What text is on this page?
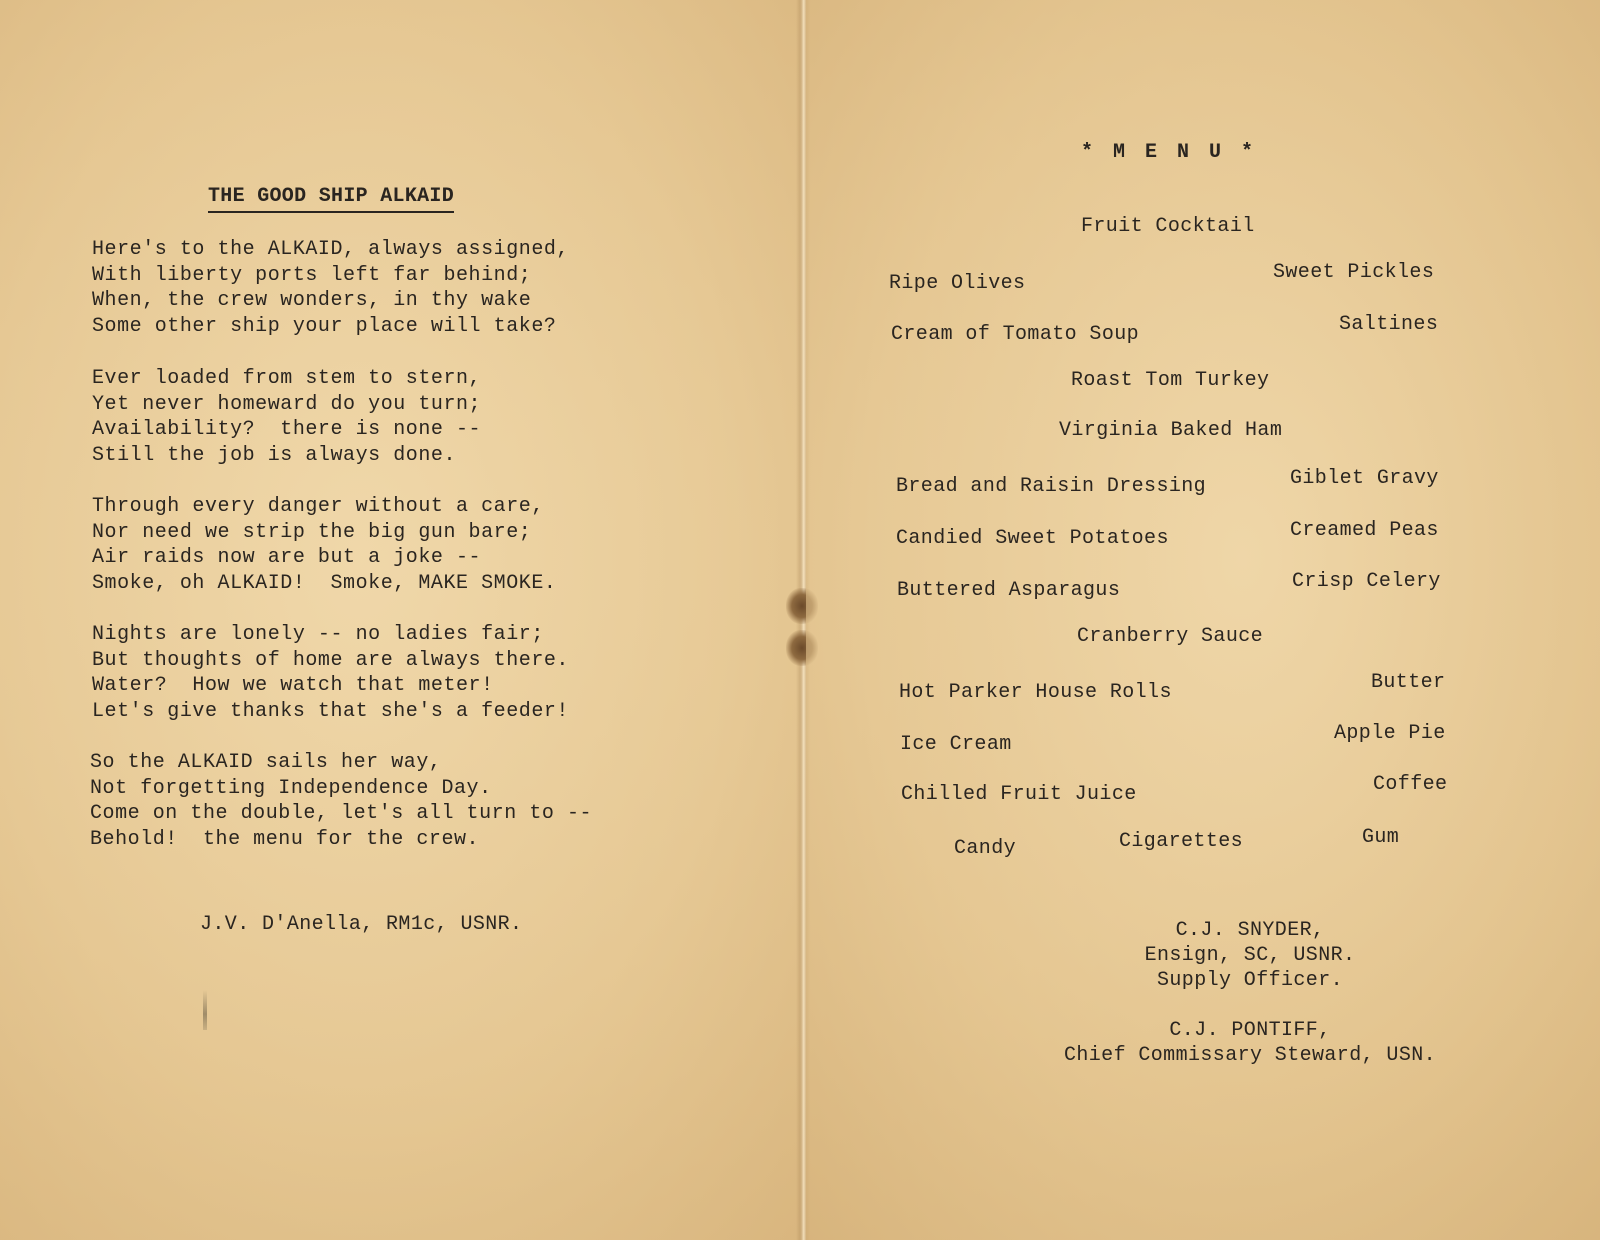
THE GOOD SHIP ALKAID
Here's to the ALKAID, always assigned,
With liberty ports left far behind;
When, the crew wonders, in thy wake
Some other ship your place will take?
Ever loaded from stem to stern,
Yet never homeward do you turn;
Availability?  there is none --
Still the job is always done.
Through every danger without a care,
Nor need we strip the big gun bare;
Air raids now are but a joke --
Smoke, oh ALKAID!  Smoke, MAKE SMOKE.
Nights are lonely -- no ladies fair;
But thoughts of home are always there.
Water?  How we watch that meter!
Let's give thanks that she's a feeder!
So the ALKAID sails her way,
Not forgetting Independence Day.
Come on the double, let's all turn to --
Behold!  the menu for the crew.
J.V. D'Anella, RM1c, USNR.
* M E N U *
Fruit Cocktail
Ripe Olives	Sweet Pickles
Cream of Tomato Soup	Saltines
Roast Tom Turkey
Virginia Baked Ham
Bread and Raisin Dressing	Giblet Gravy
Candied Sweet Potatoes	Creamed Peas
Buttered Asparagus	Crisp Celery
Cranberry Sauce
Hot Parker House Rolls	Butter
Ice Cream	Apple Pie
Chilled Fruit Juice	Coffee
Candy	Cigarettes	Gum
C.J. SNYDER,
Ensign, SC, USNR.
Supply Officer.
C.J. PONTIFF,
Chief Commissary Steward, USN.
